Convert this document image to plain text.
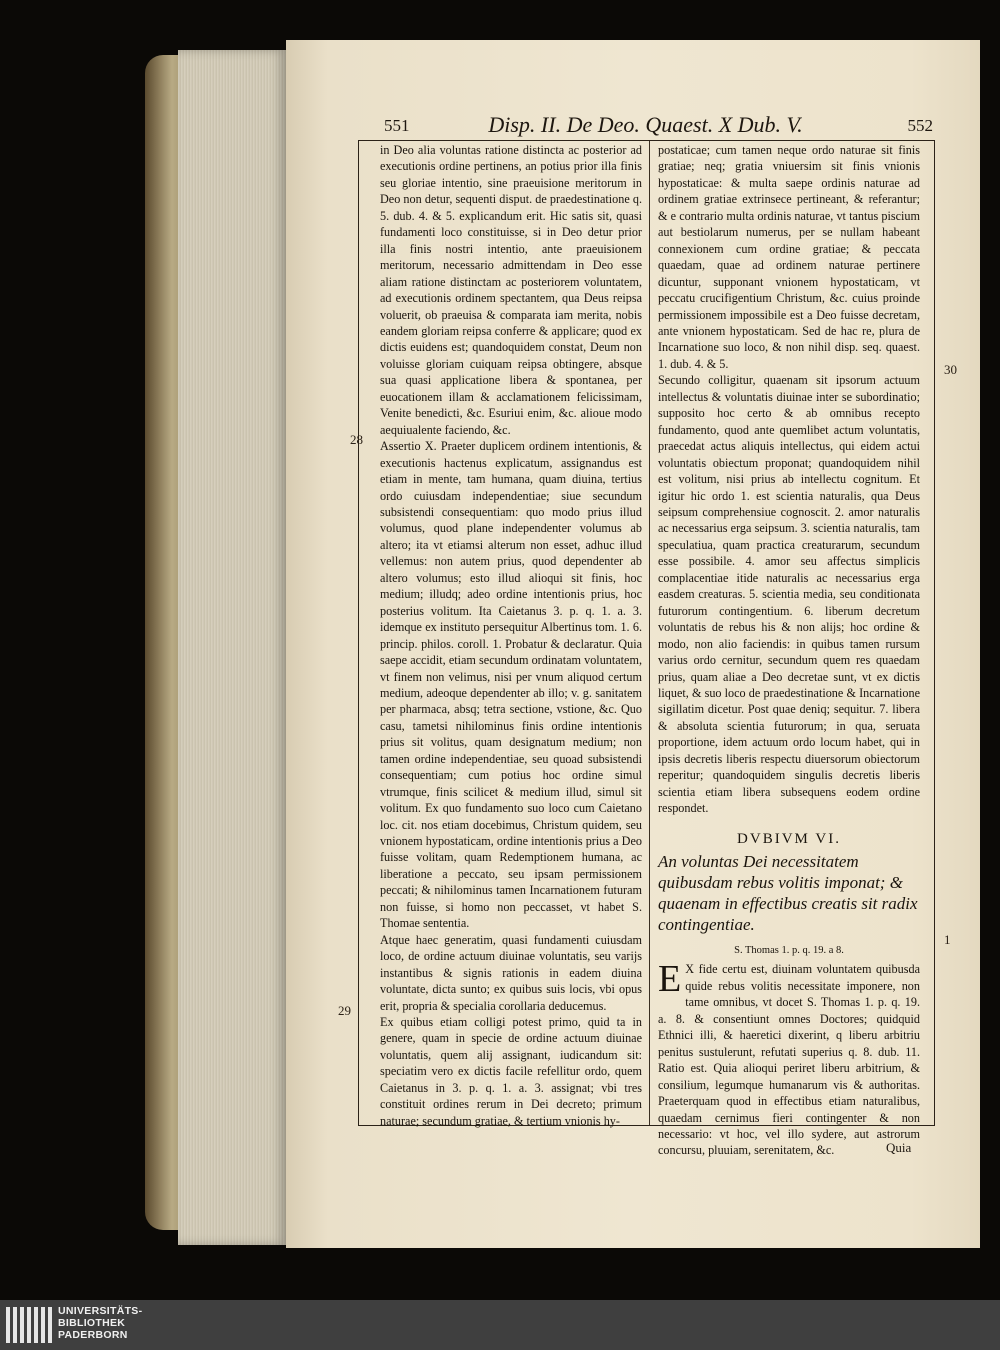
551	Disp. II. De Deo. Quaest. X Dub. V.	552
28
29
30
1

in Deo alia voluntas ratione distincta ac posterior ad executionis ordine pertinens, an potius prior illa finis seu gloriae intentio, sine praeuisione meritorum in Deo non detur, sequenti disput. de praedestinatione q. 5. dub. 4. & 5. explicandum erit. Hic satis sit, quasi fundamenti loco constituisse, si in Deo detur prior illa finis nostri intentio, ante praeuisionem meritorum, necessario admittendam in Deo esse aliam ratione distinctam ac posteriorem voluntatem, ad executionis ordinem spectantem, qua Deus reipsa voluerit, ob praeuisa & comparata iam merita, nobis eandem gloriam reipsa conferre & applicare; quod ex dictis euidens est; quandoquidem constat, Deum non voluisse gloriam cuiquam reipsa obtingere, absque sua quasi applicatione libera & spontanea, per euocationem illam & acclamationem felicissimam, Venite benedicti, &c. Esuriui enim, &c. alioue modo aequiualente faciendo, &c.

Assertio X. Praeter duplicem ordinem intentionis, & executionis hactenus explicatum, assignandus est etiam in mente, tam humana, quam diuina, tertius ordo cuiusdam independentiae; siue secundum subsistendi consequentiam: quo modo prius illud volumus, quod plane independenter volumus ab altero; ita vt etiamsi alterum non esset, adhuc illud vellemus: non autem prius, quod dependenter ab altero volumus; esto illud alioqui sit finis, hoc medium; illudq; adeo ordine intentionis prius, hoc posterius volitum. Ita Caietanus 3. p. q. 1. a. 3. idemque ex instituto persequitur Albertinus tom. 1. 6. princip. philos. coroll. 1. Probatur & declaratur. Quia saepe accidit, etiam secundum ordinatam voluntatem, vt finem non velimus, nisi per vnum aliquod certum medium, adeoque dependenter ab illo; v. g. sanitatem per pharmaca, absq; tetra sectione, vstione, &c. Quo casu, tametsi nihilominus finis ordine intentionis prius sit volitus, quam designatum medium; non tamen ordine independentiae, seu quoad subsistendi consequentiam; cum potius hoc ordine simul vtrumque, finis scilicet & medium illud, simul sit volitum. Ex quo fundamento suo loco cum Caietano loc. cit. nos etiam docebimus, Christum quidem, seu vnionem hypostaticam, ordine intentionis prius a Deo fuisse volitam, quam Redemptionem humana, ac liberatione a peccato, seu ipsam permissionem peccati; & nihilominus tamen Incarnationem futuram non fuisse, si homo non peccasset, vt habet S. Thomae sententia.

Atque haec generatim, quasi fundamenti cuiusdam loco, de ordine actuum diuinae voluntatis, seu varijs instantibus & signis rationis in eadem diuina voluntate, dicta sunto; ex quibus suis locis, vbi opus erit, propria & specialia corollaria deducemus.

Ex quibus etiam colligi potest primo, quid ta in genere, quam in specie de ordine actuum diuinae voluntatis, quem alij assignant, iudicandum sit: speciatim vero ex dictis facile refellitur ordo, quem Caietanus in 3. p. q. 1. a. 3. assignat; vbi tres constituit ordines rerum in Dei decreto; primum naturae; secundum gratiae, & tertium vnionis hy-

postaticae; cum tamen neque ordo naturae sit finis gratiae; neq; gratia vniuersim sit finis vnionis hypostaticae: & multa saepe ordinis naturae ad ordinem gratiae extrinsece pertineant, & referantur; & e contrario multa ordinis naturae, vt tantus piscium aut bestiolarum numerus, per se nullam habeant connexionem cum ordine gratiae; & peccata quaedam, quae ad ordinem naturae pertinere dicuntur, supponant vnionem hypostaticam, vt peccatu crucifigentium Christum, &c. cuius proinde permissionem impossibile est a Deo fuisse decretam, ante vnionem hypostaticam. Sed de hac re, plura de Incarnatione suo loco, & non nihil disp. seq. quaest. 1. dub. 4. & 5.

Secundo colligitur, quaenam sit ipsorum actuum intellectus & voluntatis diuinae inter se subordinatio; supposito hoc certo & ab omnibus recepto fundamento, quod ante quemlibet actum voluntatis, praecedat actus aliquis intellectus, qui eidem actui voluntatis obiectum proponat; quandoquidem nihil est volitum, nisi prius ab intellectu cognitum. Et igitur hic ordo 1. est scientia naturalis, qua Deus seipsum comprehensiue cognoscit. 2. amor naturalis ac necessarius erga seipsum. 3. scientia naturalis, tam speculatiua, quam practica creaturarum, secundum esse possibile. 4. amor seu affectus simplicis complacentiae itide naturalis ac necessarius erga easdem creaturas. 5. scientia media, seu conditionata futurorum contingentium. 6. liberum decretum voluntatis de rebus his & non alijs; hoc ordine & modo, non alio faciendis: in quibus tamen rursum varius ordo cernitur, secundum quem res quaedam prius, quam aliae a Deo decretae sunt, vt ex dictis liquet, & suo loco de praedestinatione & Incarnatione sigillatim dicetur. Post quae deniq; sequitur. 7. libera & absoluta scientia futurorum; in qua, seruata proportione, idem actuum ordo locum habet, qui in ipsis decretis liberis respectu diuersorum obiectorum reperitur; quandoquidem singulis decretis liberis scientia etiam libera subsequens eodem ordine respondet.

DVBIVM VI.
An voluntas Dei necessitatem quibusdam rebus volitis imponat; & quaenam in effectibus creatis sit radix contingentiae.
S. Thomas 1. p. q. 19. a 8.

E X fide certu est, diuinam voluntatem quibusda quide rebus volitis necessitate imponere, non tame omnibus, vt docet S. Thomas 1. p. q. 19. a. 8. & consentiunt omnes Doctores; quidquid Ethnici illi, & haeretici dixerint, q liberu arbitriu penitus sustulerunt, refutati superius q. 8. dub. 11. Ratio est. Quia alioqui periret liberu arbitrium, & consilium, legumque humanarum vis & authoritas. Praeterquam quod in effectibus etiam naturalibus, quaedam cernimus fieri contingenter & non necessario: vt hoc, vel illo sydere, aut astrorum concursu, pluuiam, serenitatem, &c.	Quia
UNIVERSITÄTS-
BIBLIOTHEK
PADERBORN
